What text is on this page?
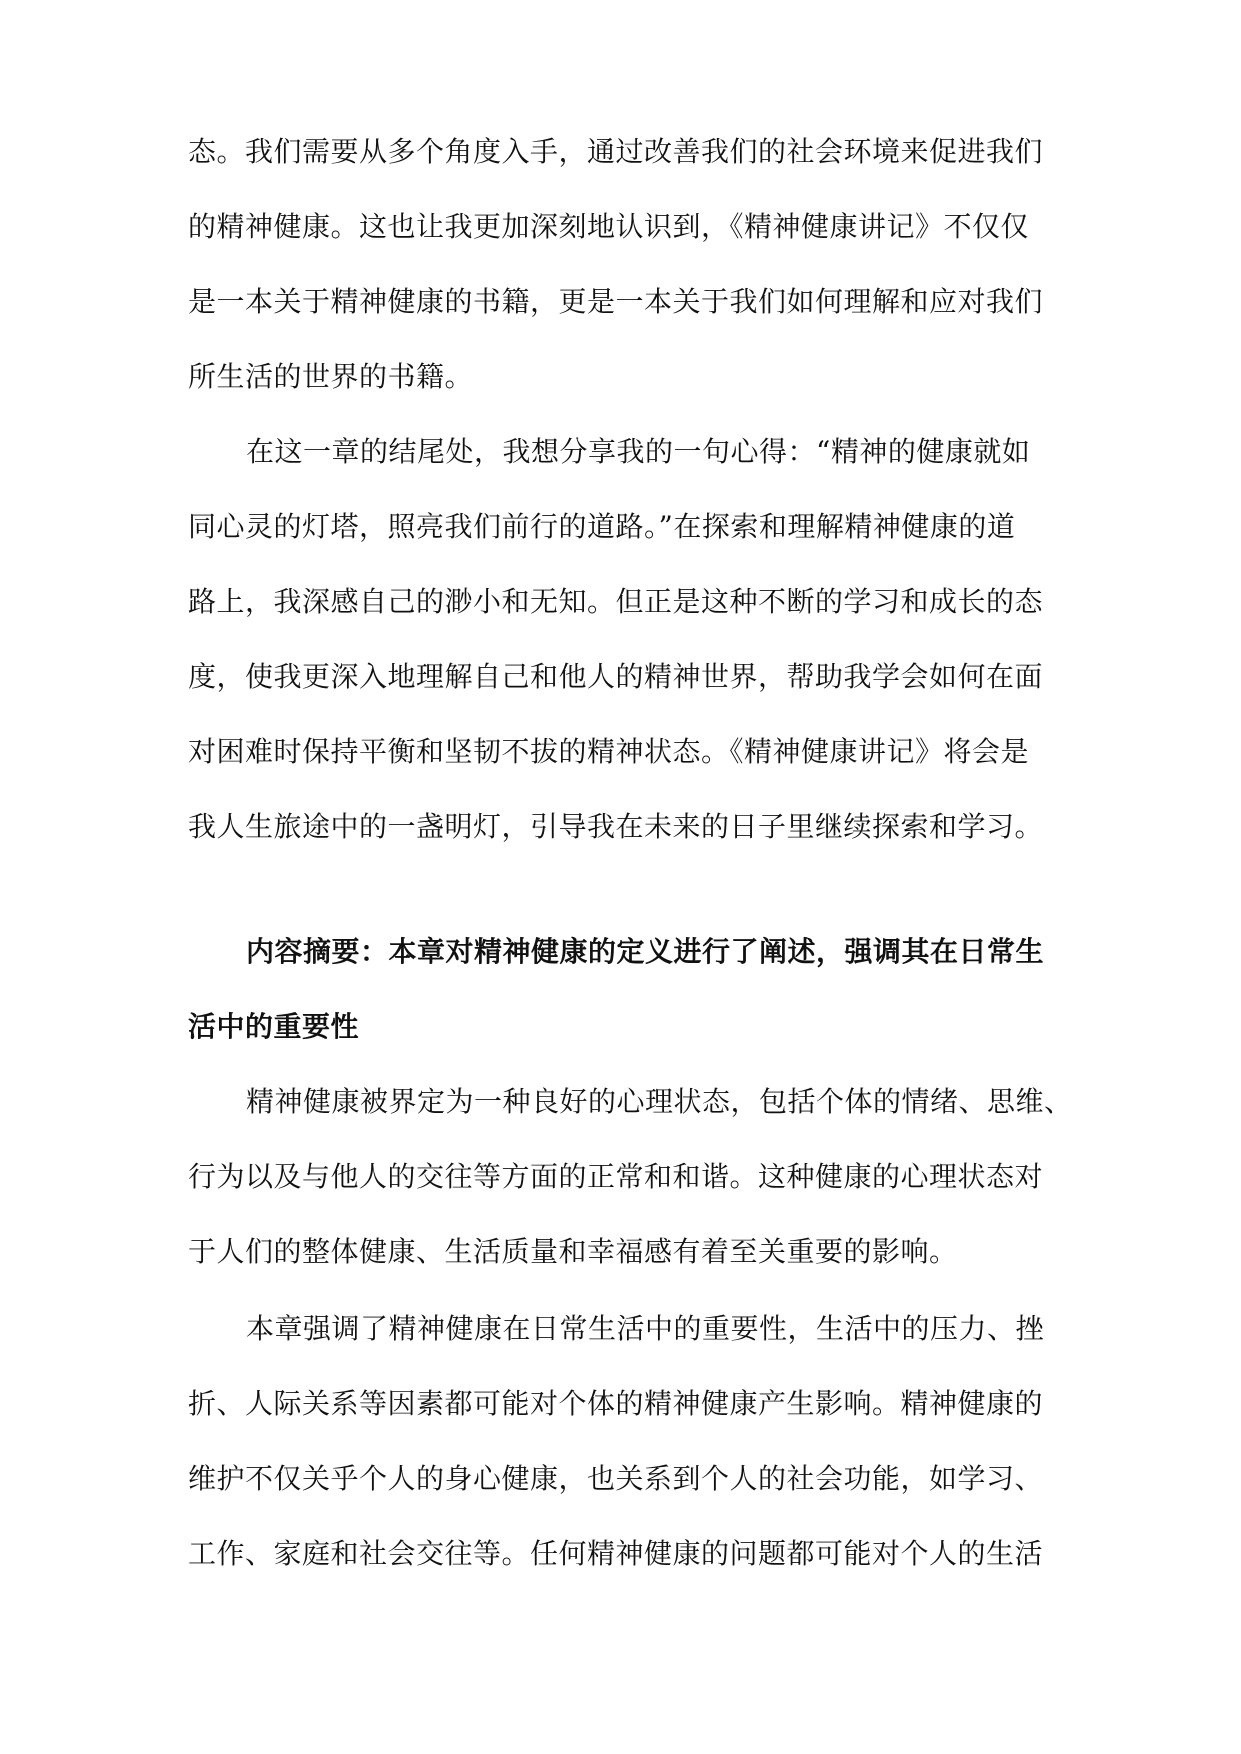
态。我们需要从多个角度入手，通过改善我们的社会环境来促进我们
的精神健康。这也让我更加深刻地认识到，《精神健康讲记》不仅仅
是一本关于精神健康的书籍，更是一本关于我们如何理解和应对我们
所生活的世界的书籍。
在这一章的结尾处，我想分享我的一句心得：“精神的健康就如
同心灵的灯塔，照亮我们前行的道路。”在探索和理解精神健康的道
路上，我深感自己的渺小和无知。但正是这种不断的学习和成长的态
度，使我更深入地理解自己和他人的精神世界，帮助我学会如何在面
对困难时保持平衡和坚韧不拔的精神状态。《精神健康讲记》将会是
我人生旅途中的一盏明灯，引导我在未来的日子里继续探索和学习。
内容摘要：本章对精神健康的定义进行了阐述，强调其在日常生
活中的重要性
精神健康被界定为一种良好的心理状态，包括个体的情绪、思维、
行为以及与他人的交往等方面的正常和和谐。这种健康的心理状态对
于人们的整体健康、生活质量和幸福感有着至关重要的影响。
本章强调了精神健康在日常生活中的重要性，生活中的压力、挫
折、人际关系等因素都可能对个体的精神健康产生影响。精神健康的
维护不仅关乎个人的身心健康，也关系到个人的社会功能，如学习、
工作、家庭和社会交往等。任何精神健康的问题都可能对个人的生活
